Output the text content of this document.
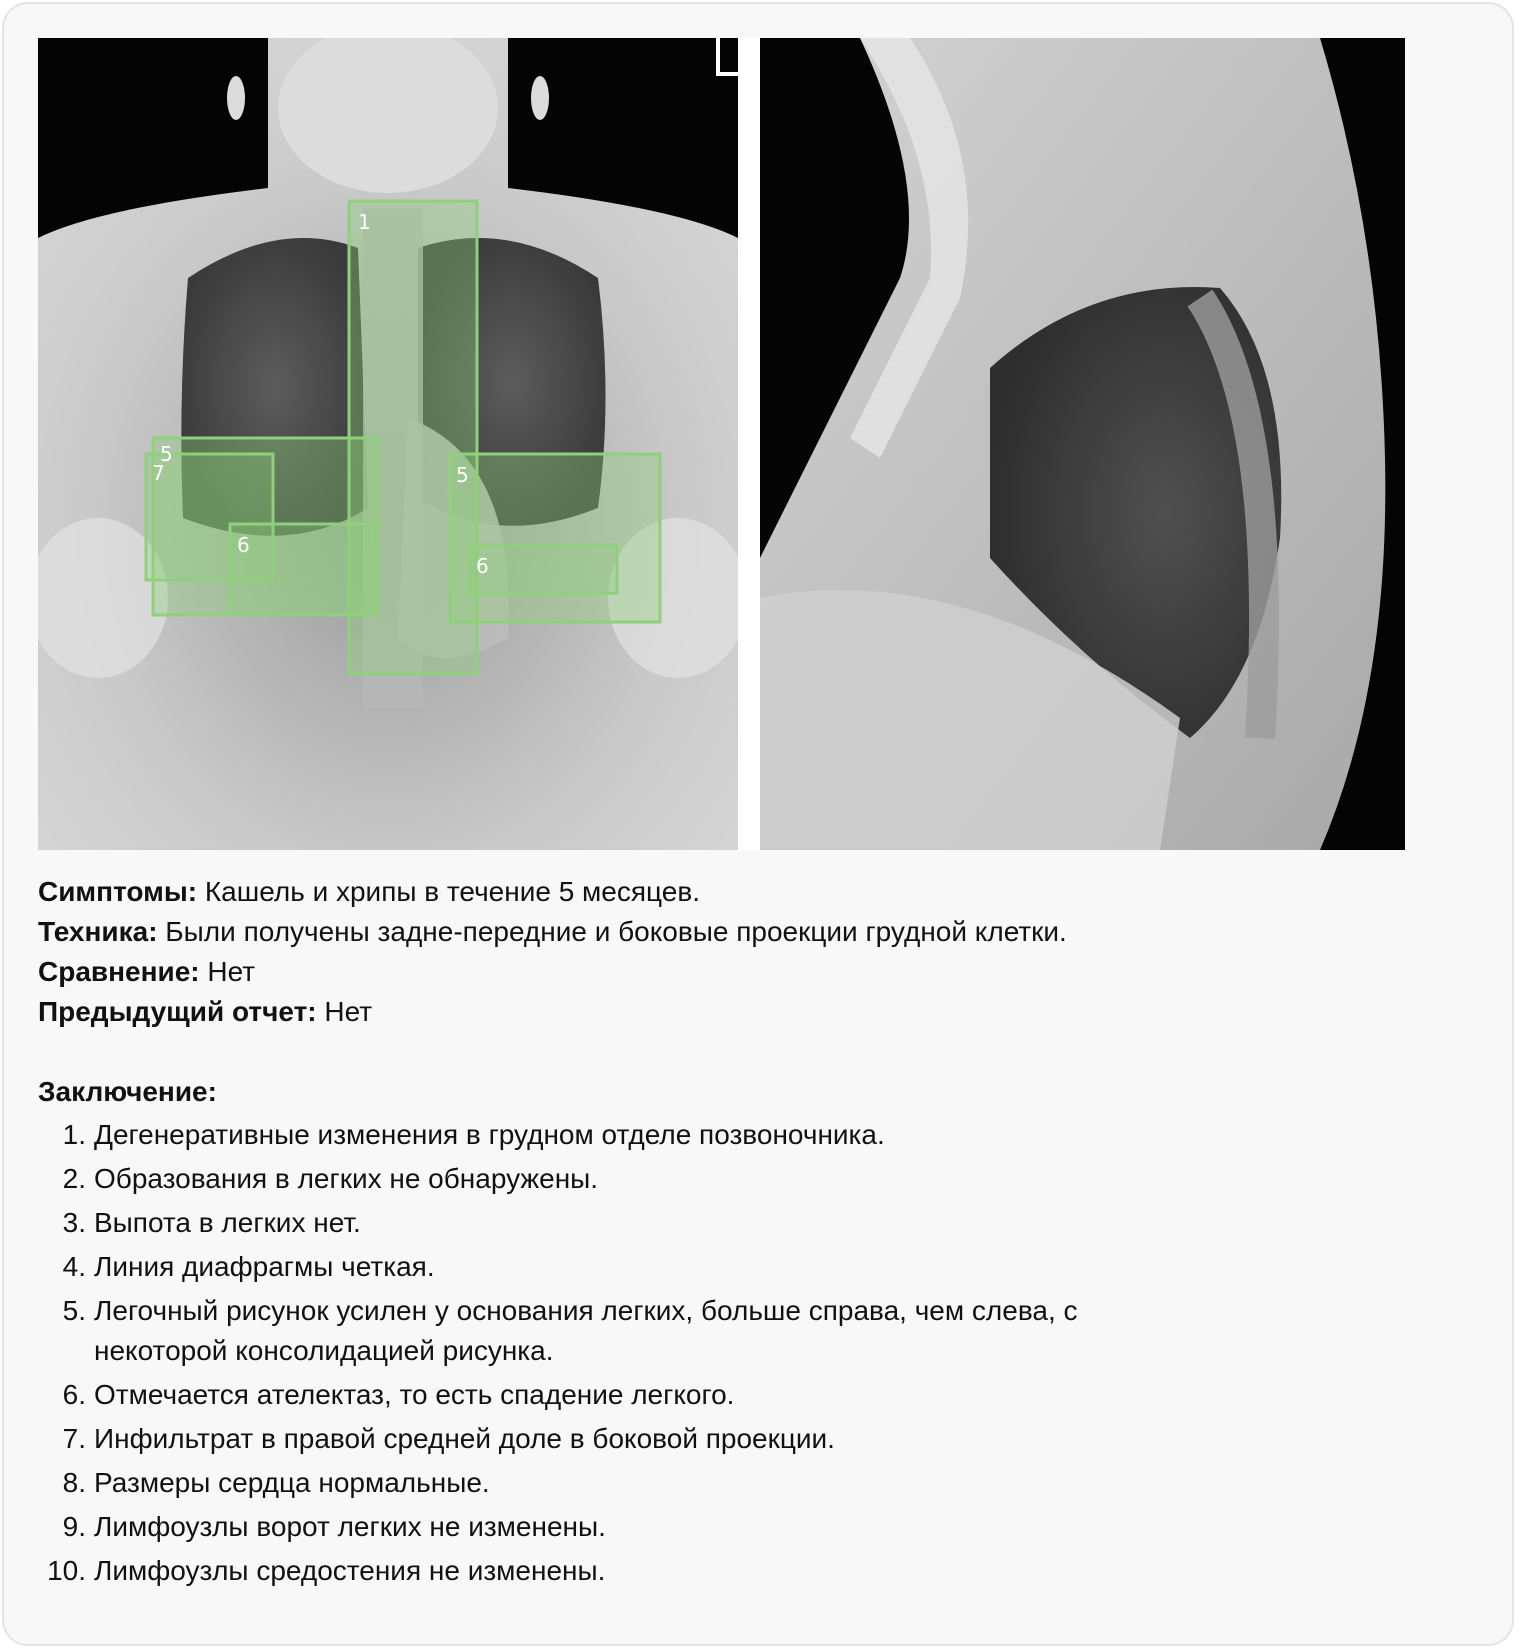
1
5
7
6
5
6
Симптомы: Кашель и хрипы в течение 5 месяцев.
Техника: Были получены задне-передние и боковые проекции грудной клетки.
Сравнение: Нет
Предыдущий отчет: Нет
Заключение:
1. Дегенеративные изменения в грудном отделе позвоночника.
2. Образования в легких не обнаружены.
3. Выпота в легких нет.
4. Линия диафрагмы четкая.
5. Легочный рисунок усилен у основания легких, больше справа, чем слева, с некоторой консолидацией рисунка.
6. Отмечается ателектаз, то есть спадение легкого.
7. Инфильтрат в правой средней доле в боковой проекции.
8. Размеры сердца нормальные.
9. Лимфоузлы ворот легких не изменены.
10. Лимфоузлы средостения не изменены.
